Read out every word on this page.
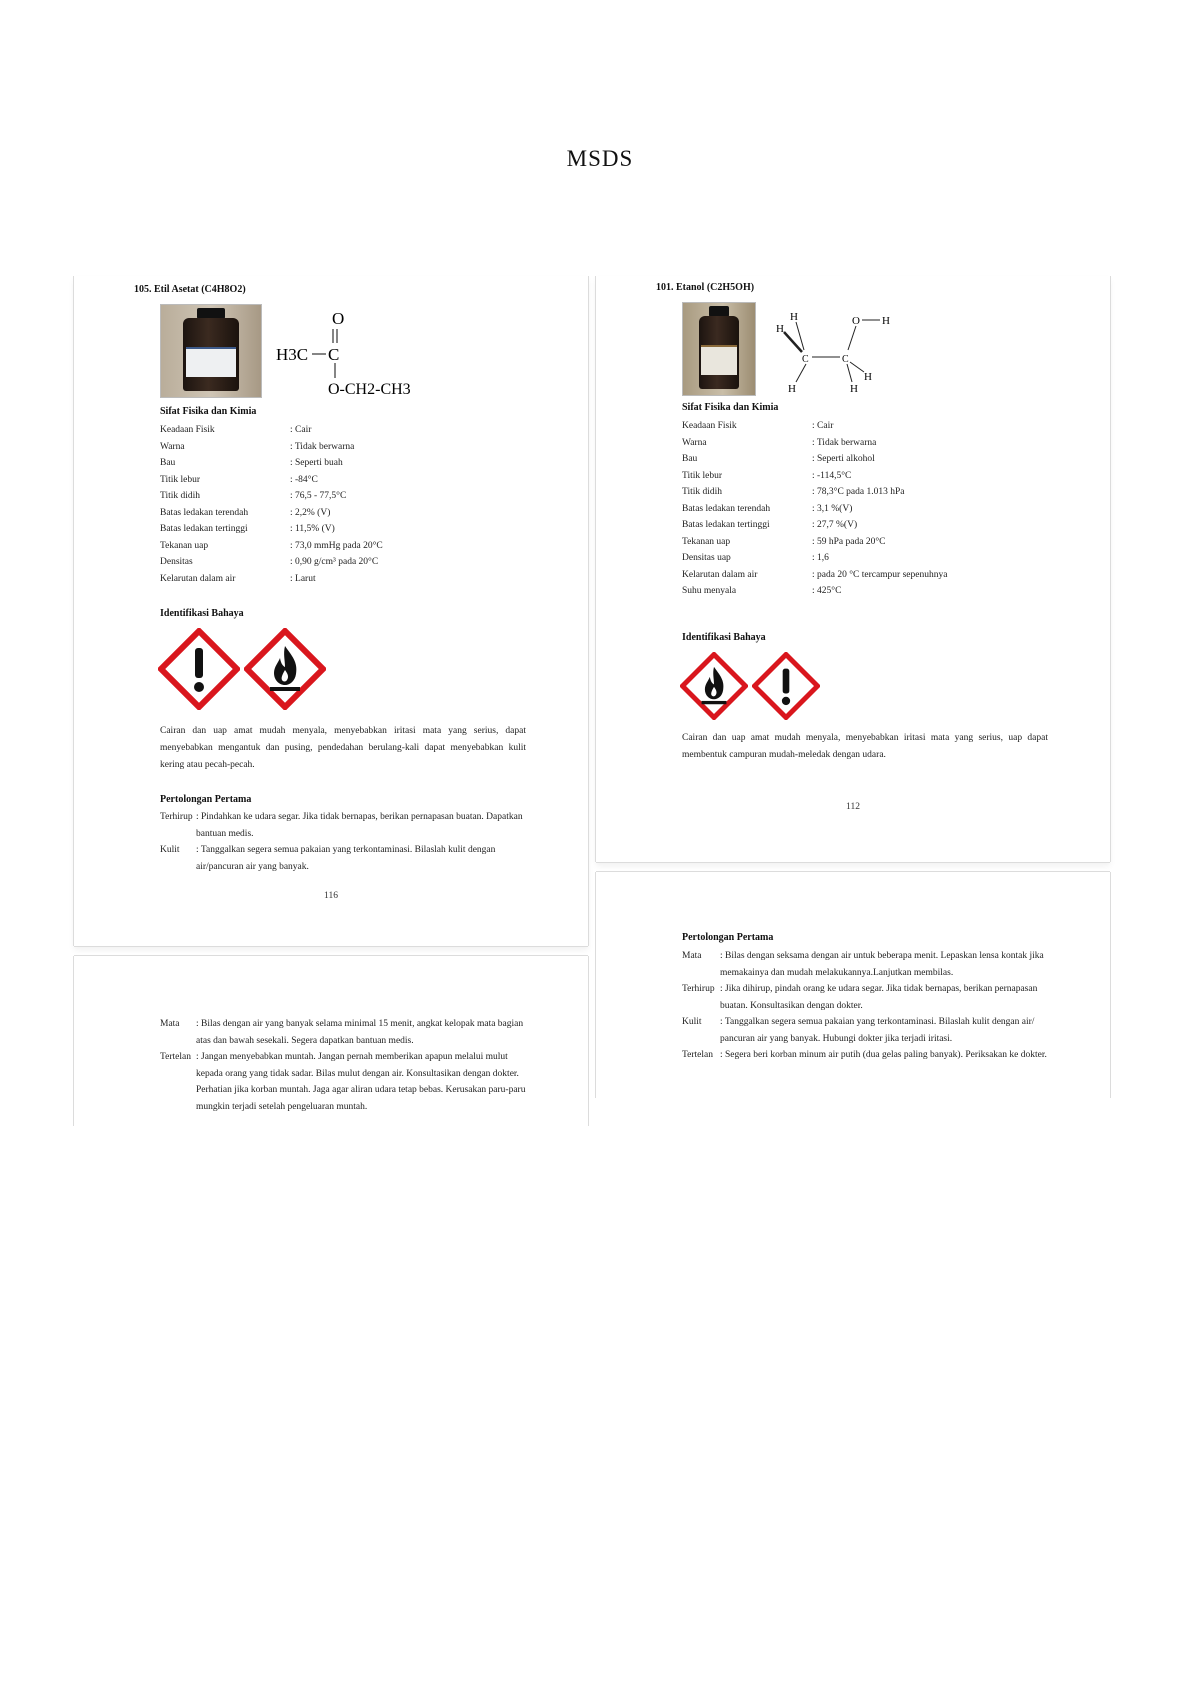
MSDS
105. Etil Asetat (C4H8O2)
O
H3C C
O-CH2-CH3
Sifat Fisika dan Kimia
Keadaan Fisik	: Cair
Warna	: Tidak berwarna
Bau	: Seperti buah
Titik lebur	: -84°C
Titik didih	: 76,5 - 77,5°C
Batas ledakan terendah	: 2,2% (V)
Batas ledakan tertinggi	: 11,5% (V)
Tekanan uap	: 73,0 mmHg pada 20°C
Densitas	: 0,90 g/cm³ pada 20°C
Kelarutan dalam air	: Larut
Identifikasi Bahaya
Cairan dan uap amat mudah menyala, menyebabkan iritasi mata yang serius, dapat menyebabkan mengantuk dan pusing, pendedahan berulang-kali dapat menyebabkan kulit kering atau pecah-pecah.
Pertolongan Pertama
Terhirup : Pindahkan ke udara segar. Jika tidak bernapas, berikan pernapasan buatan. Dapatkan bantuan medis.
Kulit	: Tanggalkan segera semua pakaian yang terkontaminasi. Bilaslah kulit dengan air/pancuran air yang banyak.
116
Mata	: Bilas dengan air yang banyak selama minimal 15 menit, angkat kelopak mata bagian atas dan bawah sesekali. Segera dapatkan bantuan medis.
Tertelan : Jangan menyebabkan muntah. Jangan pernah memberikan apapun melalui mulut kepada orang yang tidak sadar. Bilas mulut dengan air. Konsultasikan dengan dokter. Perhatian jika korban muntah. Jaga agar aliran udara tetap bebas. Kerusakan paru-paru mungkin terjadi setelah pengeluaran muntah.
101. Etanol (C2H5OH)
H
H
C
H
C
O H
H
H
Sifat Fisika dan Kimia
Keadaan Fisik	: Cair
Warna	: Tidak berwarna
Bau	: Seperti alkohol
Titik lebur	: -114,5°C
Titik didih	: 78,3°C pada 1.013 hPa
Batas ledakan terendah	: 3,1 %(V)
Batas ledakan tertinggi	: 27,7 %(V)
Tekanan uap	: 59 hPa pada 20°C
Densitas uap	: 1,6
Kelarutan dalam air	: pada 20 °C tercampur sepenuhnya
Suhu menyala	: 425°C
Identifikasi Bahaya
Cairan dan uap amat mudah menyala, menyebabkan iritasi mata yang serius, uap dapat membentuk campuran mudah-meledak dengan udara.
112
Pertolongan Pertama
Mata	: Bilas dengan seksama dengan air untuk beberapa menit. Lepaskan lensa kontak jika memakainya dan mudah melakukannya.Lanjutkan membilas.
Terhirup : Jika dihirup, pindah orang ke udara segar. Jika tidak bernapas, berikan pernapasan buatan. Konsultasikan dengan dokter.
Kulit	: Tanggalkan segera semua pakaian yang terkontaminasi. Bilaslah kulit dengan air/ pancuran air yang banyak. Hubungi dokter jika terjadi iritasi.
Tertelan : Segera beri korban minum air putih (dua gelas paling banyak). Periksakan ke dokter.
